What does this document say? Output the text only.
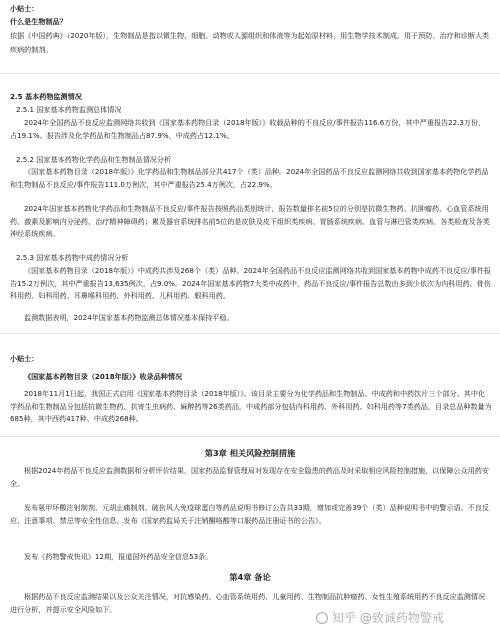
小贴士：
什么是生物制品？
依据《中国药典》（2020年版），生物制品是指以微生物、细胞、动物或人源组织和体液等为起始原材料，用生物学技术制成，用于预防、治疗和诊断人类疾病的制剂。
2.5 基本药物监测情况
2.5.1 国家基本药物监测总体情况
2024年全国药品不良反应监测网络共收到《国家基本药物目录（2018年版）》收载品种的不良反应/事件报告116.6万份，其中严重报告22.3万份，占19.1%。报告涉及化学药品和生物制品占87.9%，中成药占12.1%。
2.5.2 国家基本药物化学药品和生物制品情况分析
《国家基本药物目录（2018年版）》化学药品和生物制品部分共417个（类）品种。2024年全国药品不良反应监测网络共收到国家基本药物化学药品和生物制品不良反应/事件报告111.0万例次，其中严重报告25.4万例次，占22.9%。
2024年国家基本药物化学药品和生物制品不良反应/事件报告按照药品类别统计，报告数量排名前5位的分别是抗微生物药、抗肿瘤药、心血管系统用药、激素及影响内分泌药、治疗精神障碍药；累及器官系统排名前5位的是皮肤及皮下组织类疾病、胃肠系统疾病、血管与淋巴管类疾病、各类检查及各类神经系统疾病。
2.5.3 国家基本药物中成药情况分析
《国家基本药物目录（2018年版）》中成药共涉及268个（类）品种。2024年全国药品不良反应监测网络共收到国家基本药物中成药不良反应/事件报告15.2万例次，其中严重报告13,635例次，占9.0%。2024年国家基本药物7大类中成药中，药品不良反应/事件报告总数由多到少依次为内科用药、骨伤科用药、妇科用药、耳鼻喉科用药、外科用药、儿科用药、眼科用药。
监测数据表明，2024年国家基本药物监测总体情况基本保持平稳。
小贴士：
《国家基本药物目录（2018年版）》收录品种情况
2018年11月1日起，我国正式启用《国家基本药物目录（2018年版）》。该目录主要分为化学药品和生物制品、中成药和中药饮片三个部分。其中化学药品和生物制品分包括抗微生物药、抗寄生虫病药、麻醉药等26类药品，中成药部分包括内科用药、外科用药、妇科用药等7类药品，目录总品种数量为685种，其中西药417种、中成药268种。
第3章 相关风险控制措施
根据2024年药品不良反应监测数据和分析评价结果，国家药品监督管理局对发现存在安全隐患的药品及时采取相应风险控制措施，以保障公众用药安全。
发布氨甲环酸注射制剂、元胡止痛制剂、破伤风人免疫球蛋白等药品说明书修订公告共33期，增加或完善39个（类）品种说明书中的警示语、不良反应、注意事项、禁忌等安全性信息。发布《国家药监局关于注销酮咯酸等口服药品注册证书的公告》。
发布《药物警戒快讯》12期，报道国外药品安全信息53条。
第4章 备论
根据药品不良反应监测结果以及公众关注情况，对抗感染药、心血管系统用药、儿童用药、生物制品抗肿瘤药、女性生殖系统用药不良反应监测情况进行分析，并提示安全风险如下。
知乎 @致诚药物警戒
